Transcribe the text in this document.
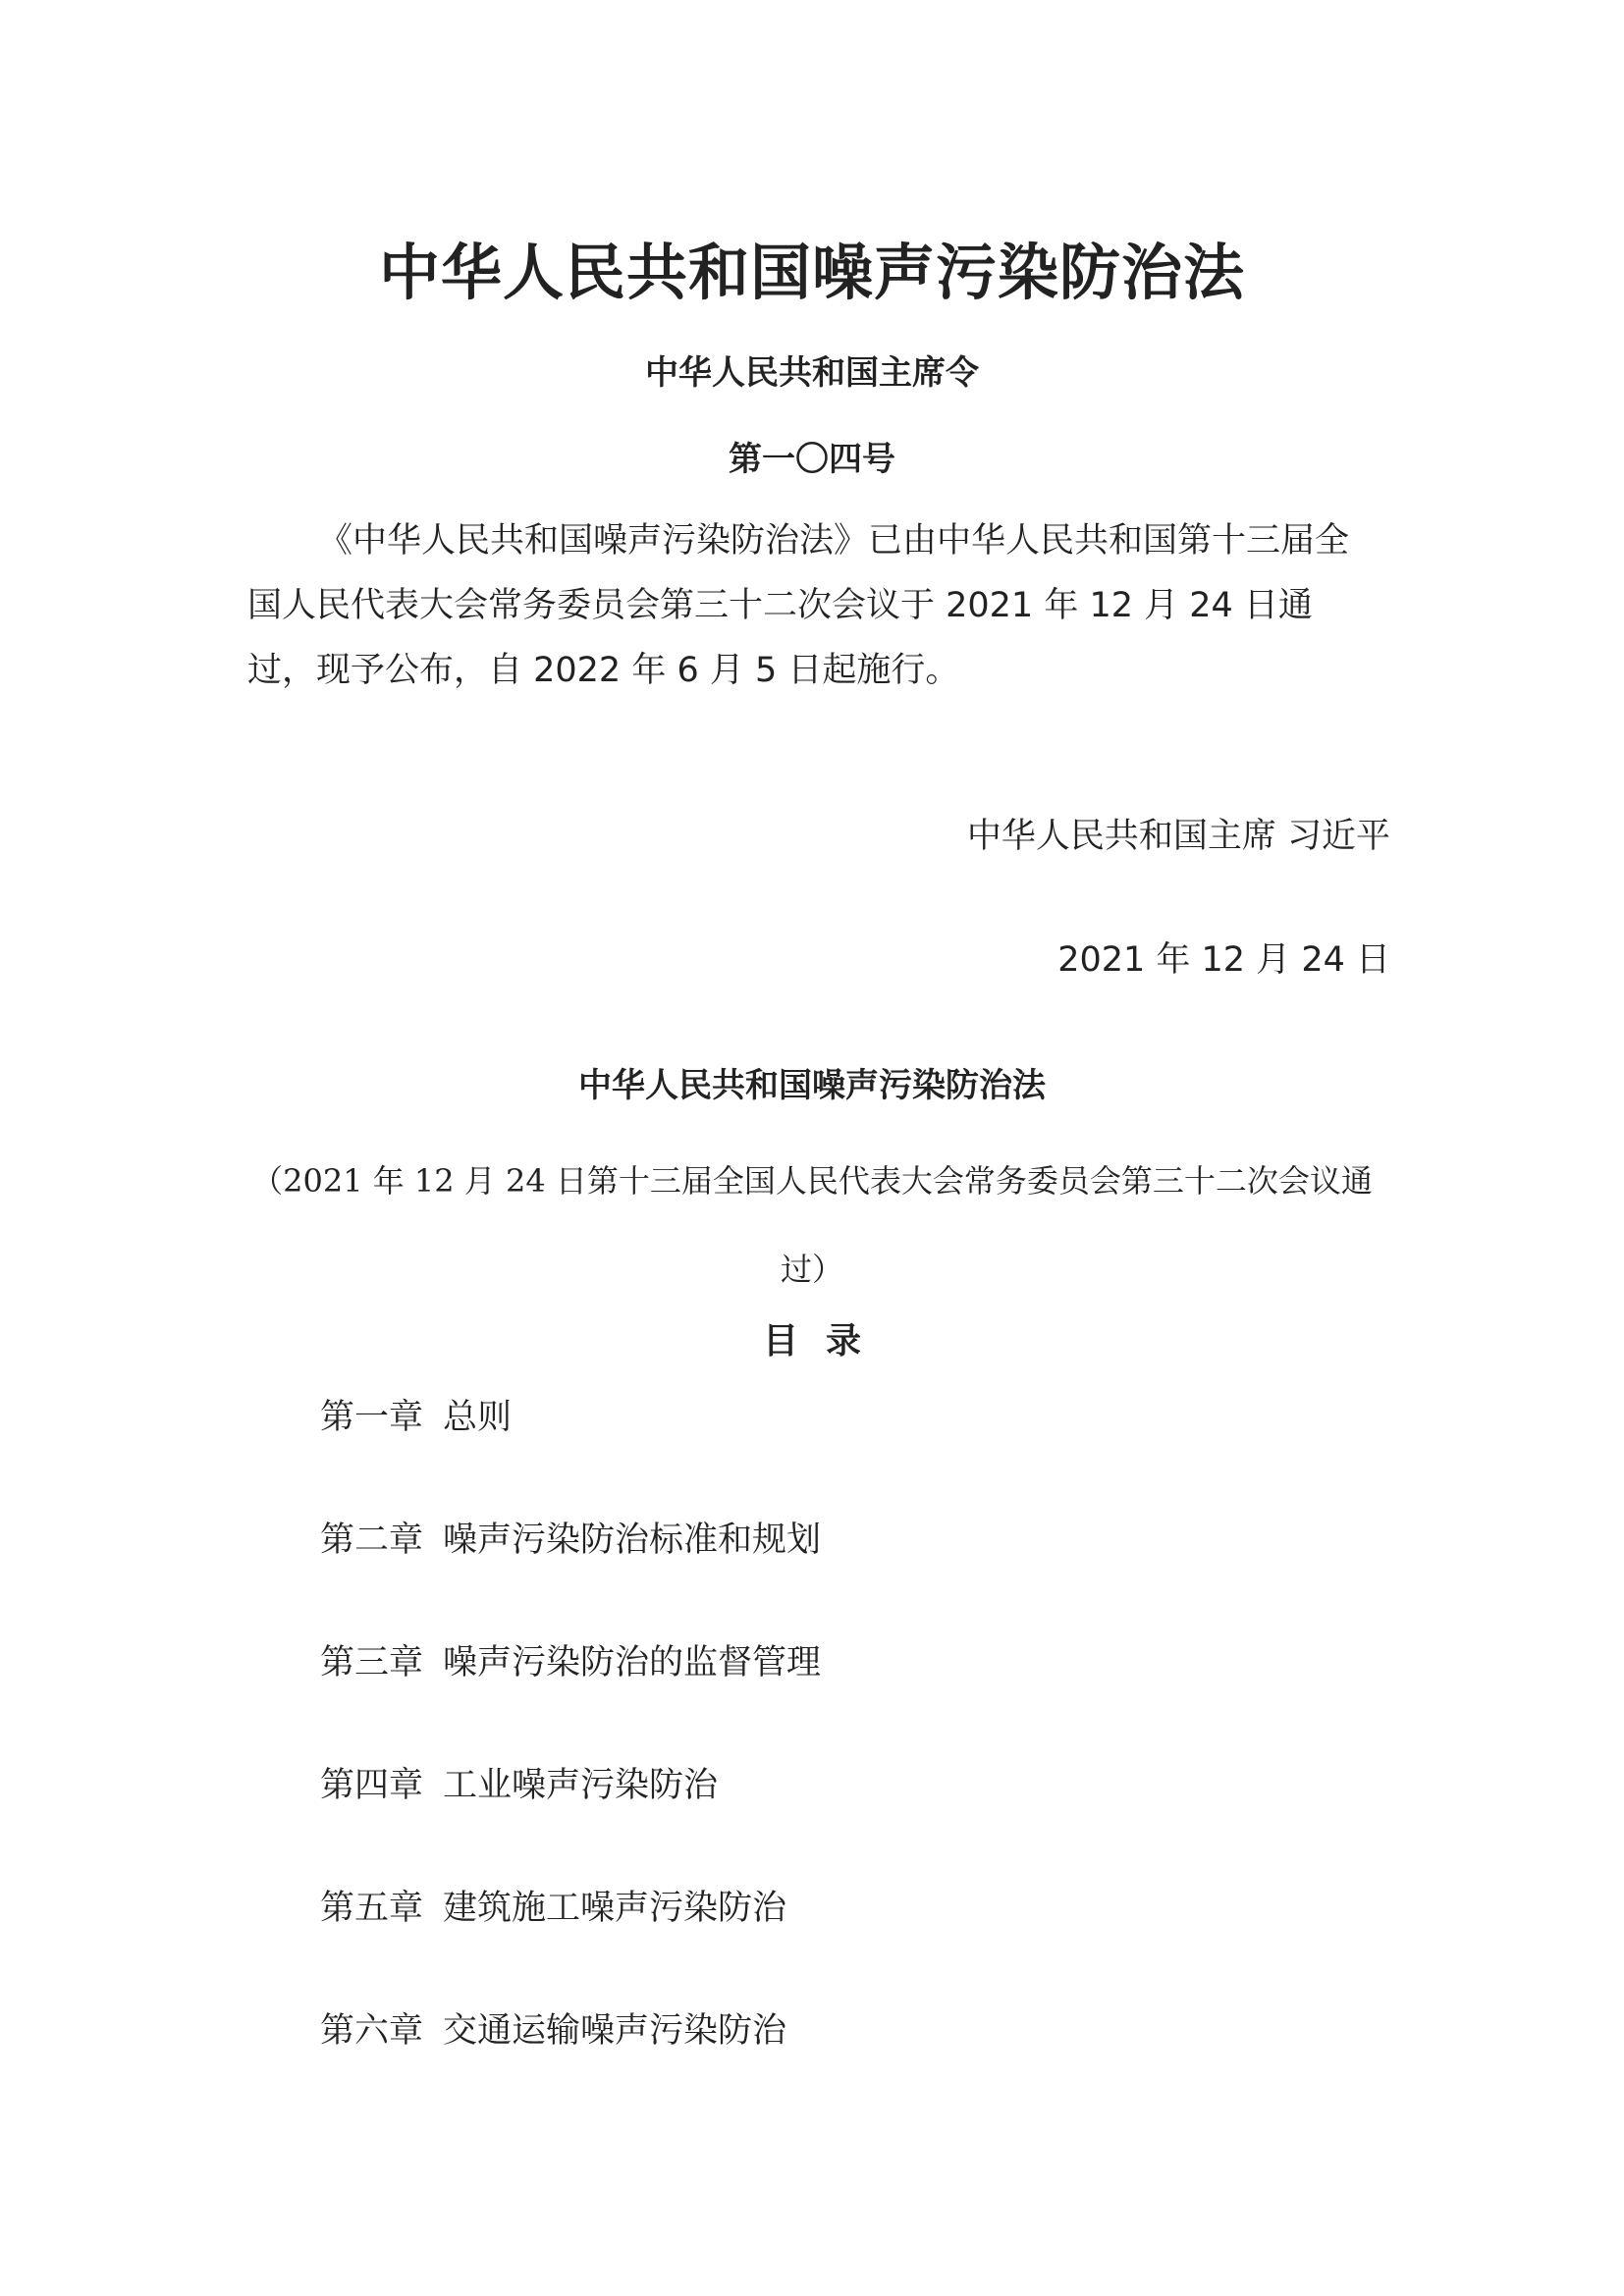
中华人民共和国噪声污染防治法
中华人民共和国主席令
第一〇四号
《中华人民共和国噪声污染防治法》已由中华人民共和国第十三届全国人民代表大会常务委员会第三十二次会议于 2021 年 12 月 24 日通过，现予公布，自 2022 年 6 月 5 日起施行。
中华人民共和国主席 习近平
2021 年 12 月 24 日
中华人民共和国噪声污染防治法
（2021 年 12 月 24 日第十三届全国人民代表大会常务委员会第三十二次会议通过）
目录
第一章 总则
第二章 噪声污染防治标准和规划
第三章 噪声污染防治的监督管理
第四章 工业噪声污染防治
第五章 建筑施工噪声污染防治
第六章 交通运输噪声污染防治
